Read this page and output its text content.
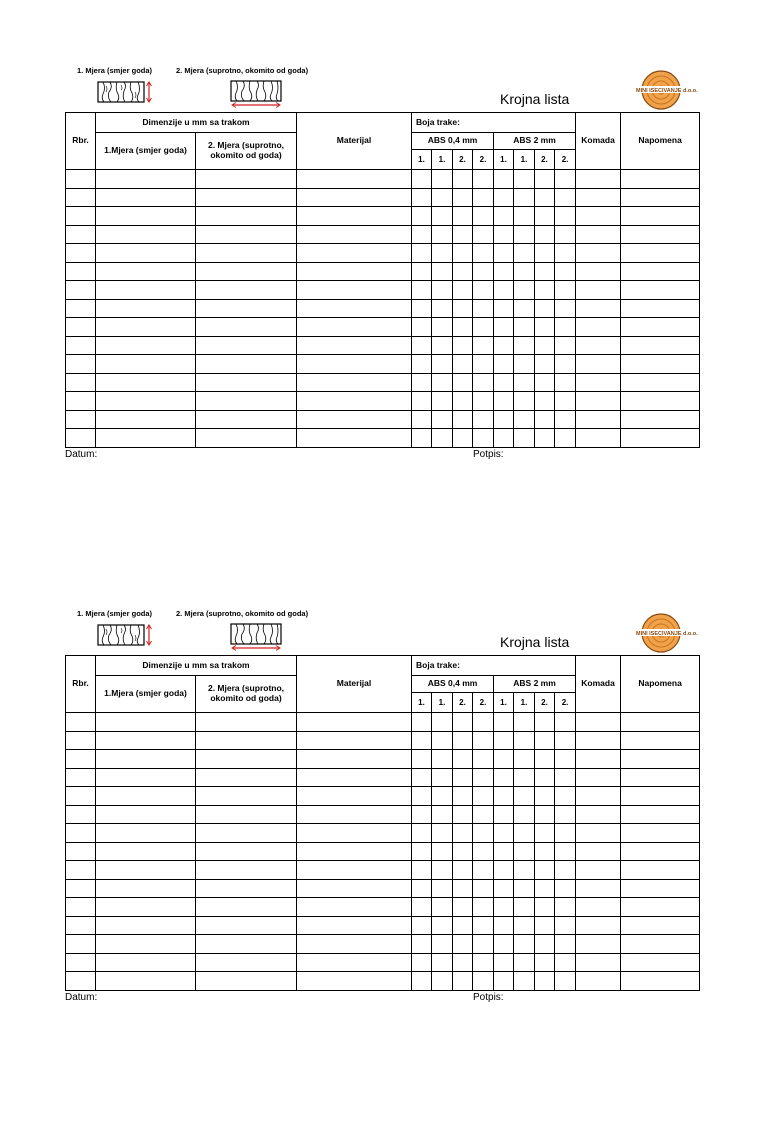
1. Mjera (smjer goda)	2. Mjera (suprotno, okomito od goda)
MINI ISECIVANJE d.o.o.
Krojna lista
Rbr.	Dimenzije u mm sa trakom		Materijal	Boja trake:								Komada	Napomena
	1.Mjera (smjer goda)	2. Mjera (suprotno, okomito od goda)		ABS 0,4 mm				ABS 2 mm					
				1.	1.	2.	2.	1.	1.	2.	2.		

Datum:	Potpis:
1. Mjera (smjer goda)	2. Mjera (suprotno, okomito od goda)
MINI ISECIVANJE d.o.o.
Krojna lista
Rbr.	Dimenzije u mm sa trakom		Materijal	Boja trake:								Komada	Napomena
	1.Mjera (smjer goda)	2. Mjera (suprotno, okomito od goda)		ABS 0,4 mm				ABS 2 mm					
				1.	1.	2.	2.	1.	1.	2.	2.		

Datum:	Potpis:
